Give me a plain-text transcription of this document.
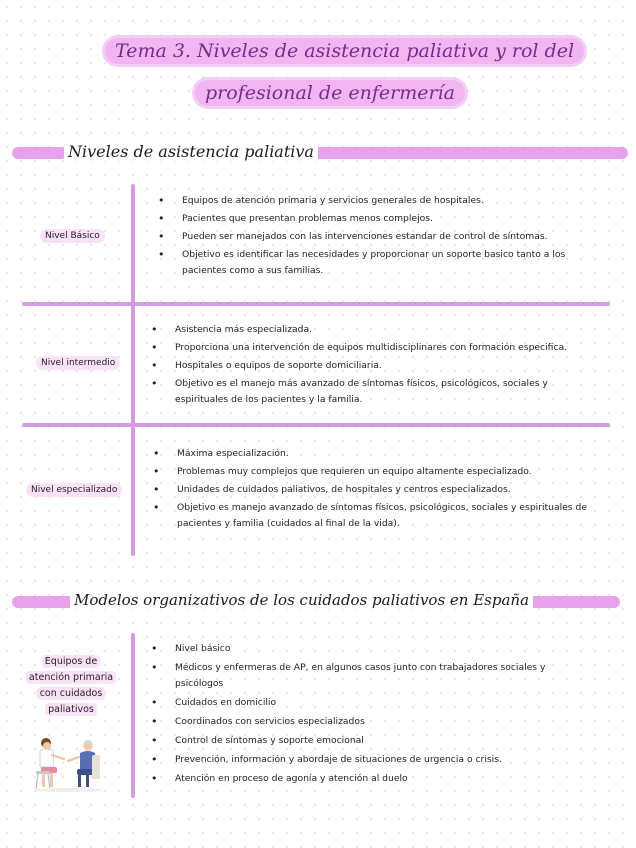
Tema 3. Niveles de asistencia paliativa y rol del
profesional de enfermería
Niveles de asistencia paliativa
Nivel Básico
• Equipos de atención primaria y servicios generales de hospitales.
• Pacientes que presentan problemas menos complejos.
• Pueden ser manejados con las intervenciones estandar de control de síntomas.
• Objetivo es identificar las necesidades y proporcionar un soporte basico tanto a los pacientes como a sus familias.
Nivel intermedio
• Asistencia más especializada.
• Proporciona una intervención de equipos multidisciplinares con formación especifica.
• Hospitales o equipos de soporte domiciliaria.
• Objetivo es el manejo más avanzado de síntomas físicos, psicológicos, sociales y espirituales de los pacientes y la familia.
Nivel especializado
• Máxima especialización.
• Problemas muy complejos que requieren un equipo altamente especializado.
• Unidades de cuidados paliativos, de hospitales y centros especializados.
• Objetivo es manejo avanzado de síntomas físicos, psicológicos, sociales y espirituales de pacientes y familia (cuidados al final de la vida).
Modelos organizativos de los cuidados paliativos en España
Equipos de
atención primaria
con cuidados
paliativos
• Nivel básico
• Médicos y enfermeras de AP, en algunos casos junto con trabajadores sociales y psicólogos
• Cuidados en domicilio
• Coordinados con servicios especializados
• Control de síntomas y soporte emocional
• Prevención, información y abordaje de situaciones de urgencia o crisis.
• Atención en proceso de agonía y atención al duelo
